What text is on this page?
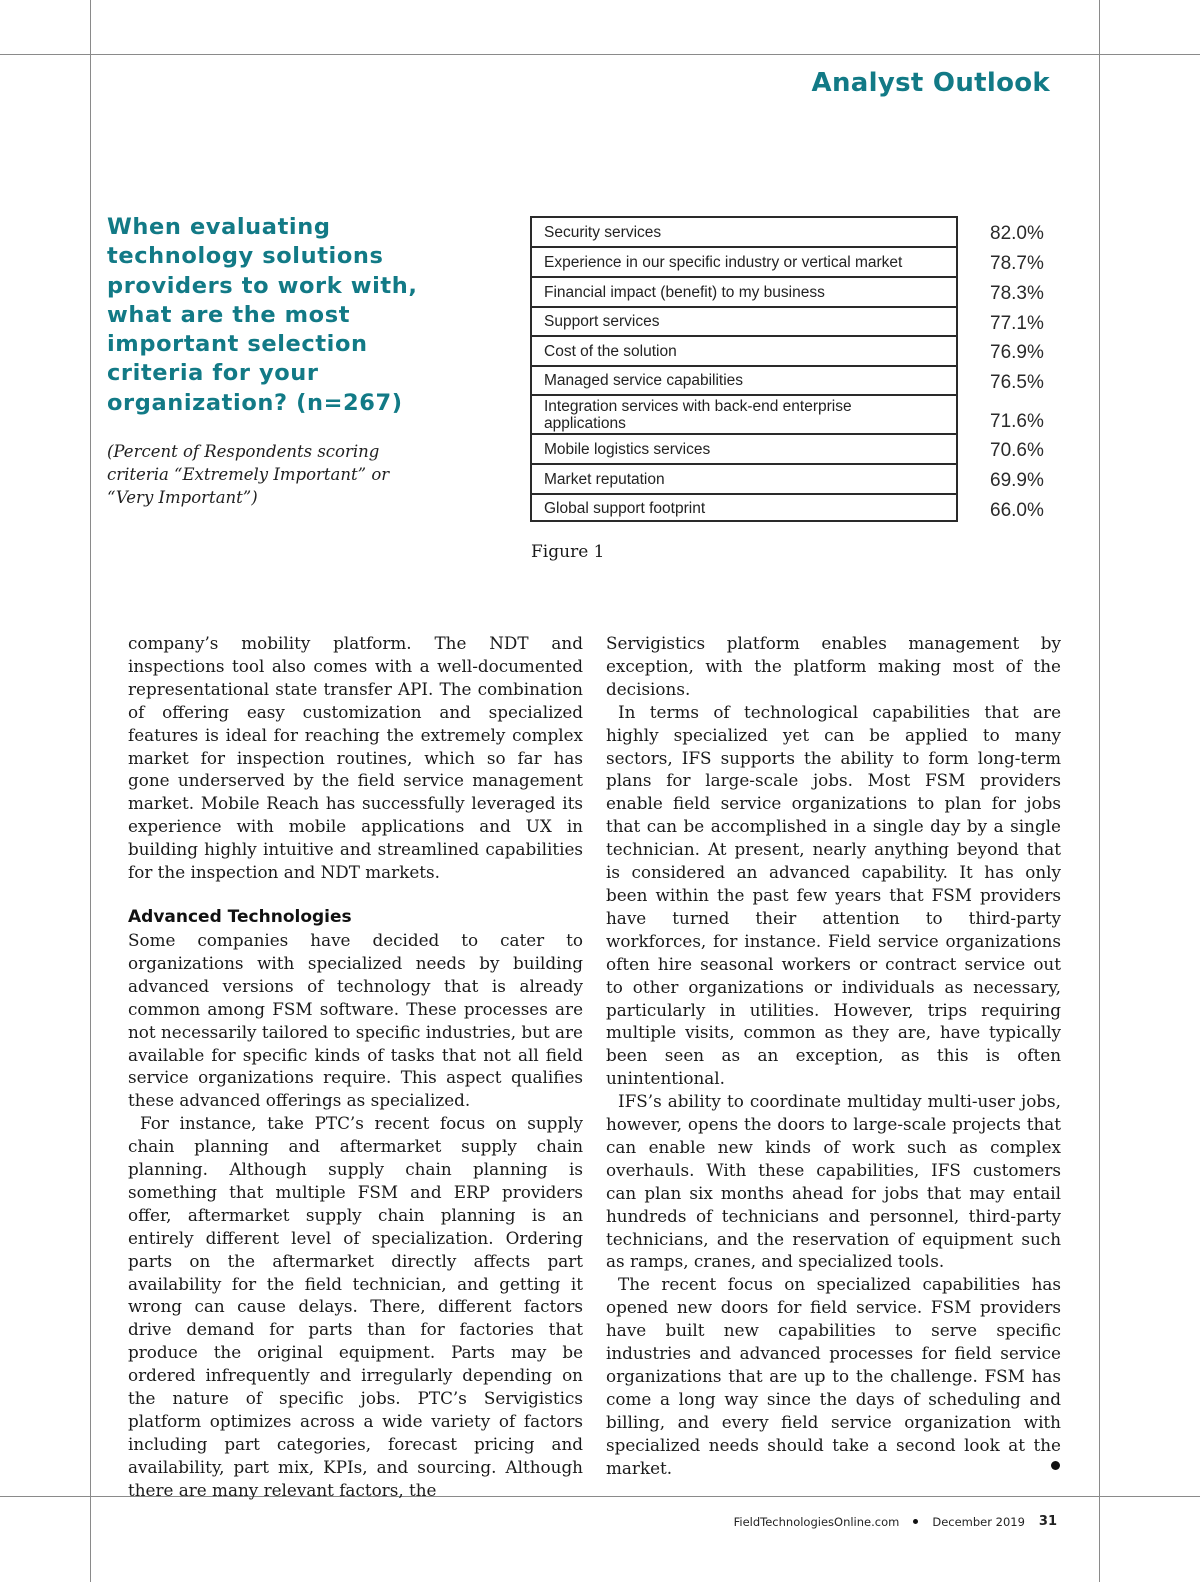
Analyst Outlook
When evaluating technology solutions providers to work with, what are the most important selection criteria for your organization? (n=267)
(Percent of Respondents scoring criteria “Extremely Important” or “Very Important”)
Security services
Experience in our specific industry or vertical market
Financial impact (benefit) to my business
Support services
Cost of the solution
Managed service capabilities
Integration services with back-end enterprise applications
Mobile logistics services
Market reputation
Global support footprint
82.0%
78.7%
78.3%
77.1%
76.9%
76.5%
71.6%
70.6%
69.9%
66.0%
Figure 1

company’s mobility platform. The NDT and inspections tool also comes with a well-documented representational state transfer API. The combination of offering easy customization and specialized features is ideal for reaching the extremely complex market for inspection routines, which so far has gone underserved by the field service management market. Mobile Reach has successfully leveraged its experience with mobile applications and UX in building highly intuitive and streamlined capabilities for the inspection and NDT markets.

Advanced Technologies

Some companies have decided to cater to organizations with specialized needs by building advanced versions of technology that is already common among FSM software. These processes are not necessarily tailored to specific industries, but are available for specific kinds of tasks that not all field service organizations require. This aspect qualifies these advanced offerings as specialized.

For instance, take PTC’s recent focus on supply chain planning and aftermarket supply chain planning. Although supply chain planning is something that multiple FSM and ERP providers offer, aftermarket supply chain planning is an entirely different level of specialization. Ordering parts on the aftermarket directly affects part availability for the field technician, and getting it wrong can cause delays. There, different factors drive demand for parts than for factories that produce the original equipment. Parts may be ordered infrequently and irregularly depending on the nature of specific jobs. PTC’s Servigistics platform optimizes across a wide variety of factors including part categories, forecast pricing and availability, part mix, KPIs, and sourcing. Although there are many relevant factors, the

Servigistics platform enables management by exception, with the platform making most of the decisions.

In terms of technological capabilities that are highly specialized yet can be applied to many sectors, IFS supports the ability to form long-term plans for large-scale jobs. Most FSM providers enable field service organizations to plan for jobs that can be accomplished in a single day by a single technician. At present, nearly anything beyond that is considered an advanced capability. It has only been within the past few years that FSM providers have turned their attention to third-party workforces, for instance. Field service organizations often hire seasonal workers or contract service out to other organizations or individuals as necessary, particularly in utilities. However, trips requiring multiple visits, common as they are, have typically been seen as an exception, as this is often unintentional.

IFS’s ability to coordinate multiday multi-user jobs, however, opens the doors to large-scale projects that can enable new kinds of work such as complex overhauls. With these capabilities, IFS customers can plan six months ahead for jobs that may entail hundreds of technicians and personnel, third-party technicians, and the reservation of equipment such as ramps, cranes, and specialized tools.

The recent focus on specialized capabilities has opened new doors for field service. FSM providers have built new capabilities to serve specific industries and advanced processes for field service organizations that are up to the challenge. FSM has come a long way since the days of scheduling and billing, and every field service organization with specialized needs should take a second look at the market.

FieldTechnologiesOnline.com	December 2019 31
